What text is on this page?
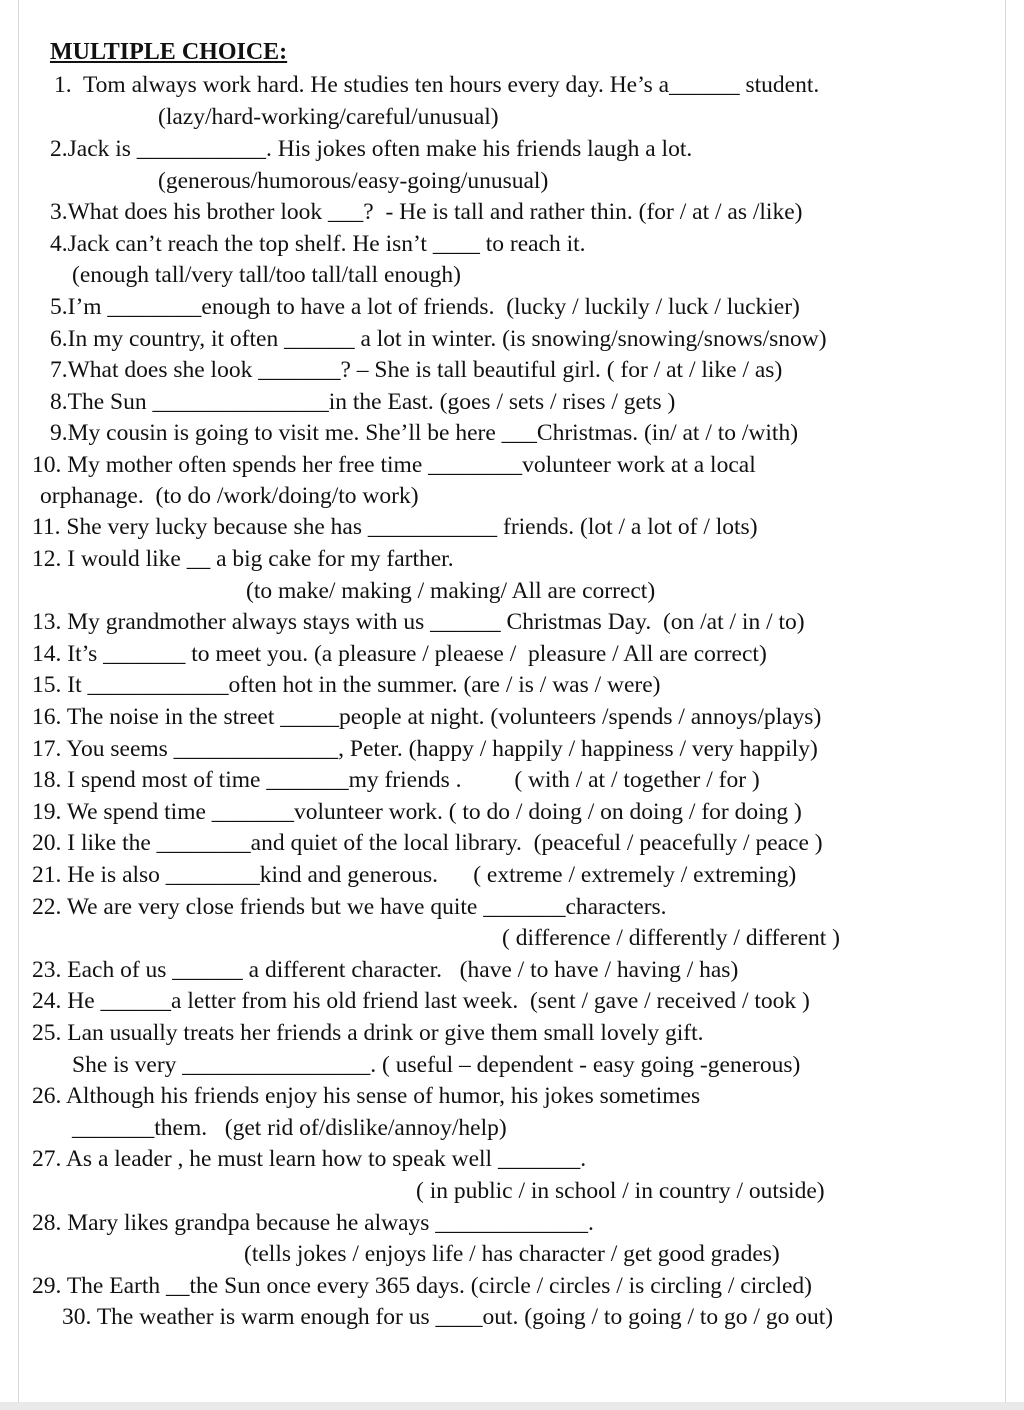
MULTIPLE CHOICE:
1.  Tom always work hard. He studies ten hours every day. He’s a______ student.
(lazy/hard-working/careful/unusual)
2.Jack is ___________. His jokes often make his friends laugh a lot.
(generous/humorous/easy-going/unusual)
3.What does his brother look ___?  - He is tall and rather thin. (for / at / as /like)
4.Jack can’t reach the top shelf. He isn’t ____ to reach it.
(enough tall/very tall/too tall/tall enough)
5.I’m ________enough to have a lot of friends.  (lucky / luckily / luck / luckier)
6.In my country, it often ______ a lot in winter. (is snowing/snowing/snows/snow)
7.What does she look _______? – She is tall beautiful girl. ( for / at / like / as)
8.The Sun _______________in the East. (goes / sets / rises / gets )
9.My cousin is going to visit me. She’ll be here ___Christmas. (in/ at / to /with)
10. My mother often spends her free time ________volunteer work at a local
orphanage.  (to do /work/doing/to work)
11. She very lucky because she has ___________ friends. (lot / a lot of / lots)
12. I would like __ a big cake for my farther.
(to make/ making / making/ All are correct)
13. My grandmother always stays with us ______ Christmas Day.  (on /at / in / to)
14. It’s _______ to meet you. (a pleasure / pleaese /  pleasure / All are correct)
15. It ____________often hot in the summer. (are / is / was / were)
16. The noise in the street _____people at night. (volunteers /spends / annoys/plays)
17. You seems ______________, Peter. (happy / happily / happiness / very happily)
18. I spend most of time _______my friends .         ( with / at / together / for )
19. We spend time _______volunteer work. ( to do / doing / on doing / for doing )
20. I like the ________and quiet of the local library.  (peaceful / peacefully / peace )
21. He is also ________kind and generous.      ( extreme / extremely / extreming)
22. We are very close friends but we have quite _______characters.
( difference / differently / different )
23. Each of us ______ a different character.   (have / to have / having / has)
24. He ______a letter from his old friend last week.  (sent / gave / received / took )
25. Lan usually treats her friends a drink or give them small lovely gift.
She is very ________________. ( useful – dependent - easy going -generous)
26. Although his friends enjoy his sense of humor, his jokes sometimes
_______them.   (get rid of/dislike/annoy/help)
27. As a leader , he must learn how to speak well _______.
( in public / in school / in country / outside)
28. Mary likes grandpa because he always _____________.
(tells jokes / enjoys life / has character / get good grades)
29. The Earth __the Sun once every 365 days. (circle / circles / is circling / circled)
30. The weather is warm enough for us ____out. (going / to going / to go / go out)
